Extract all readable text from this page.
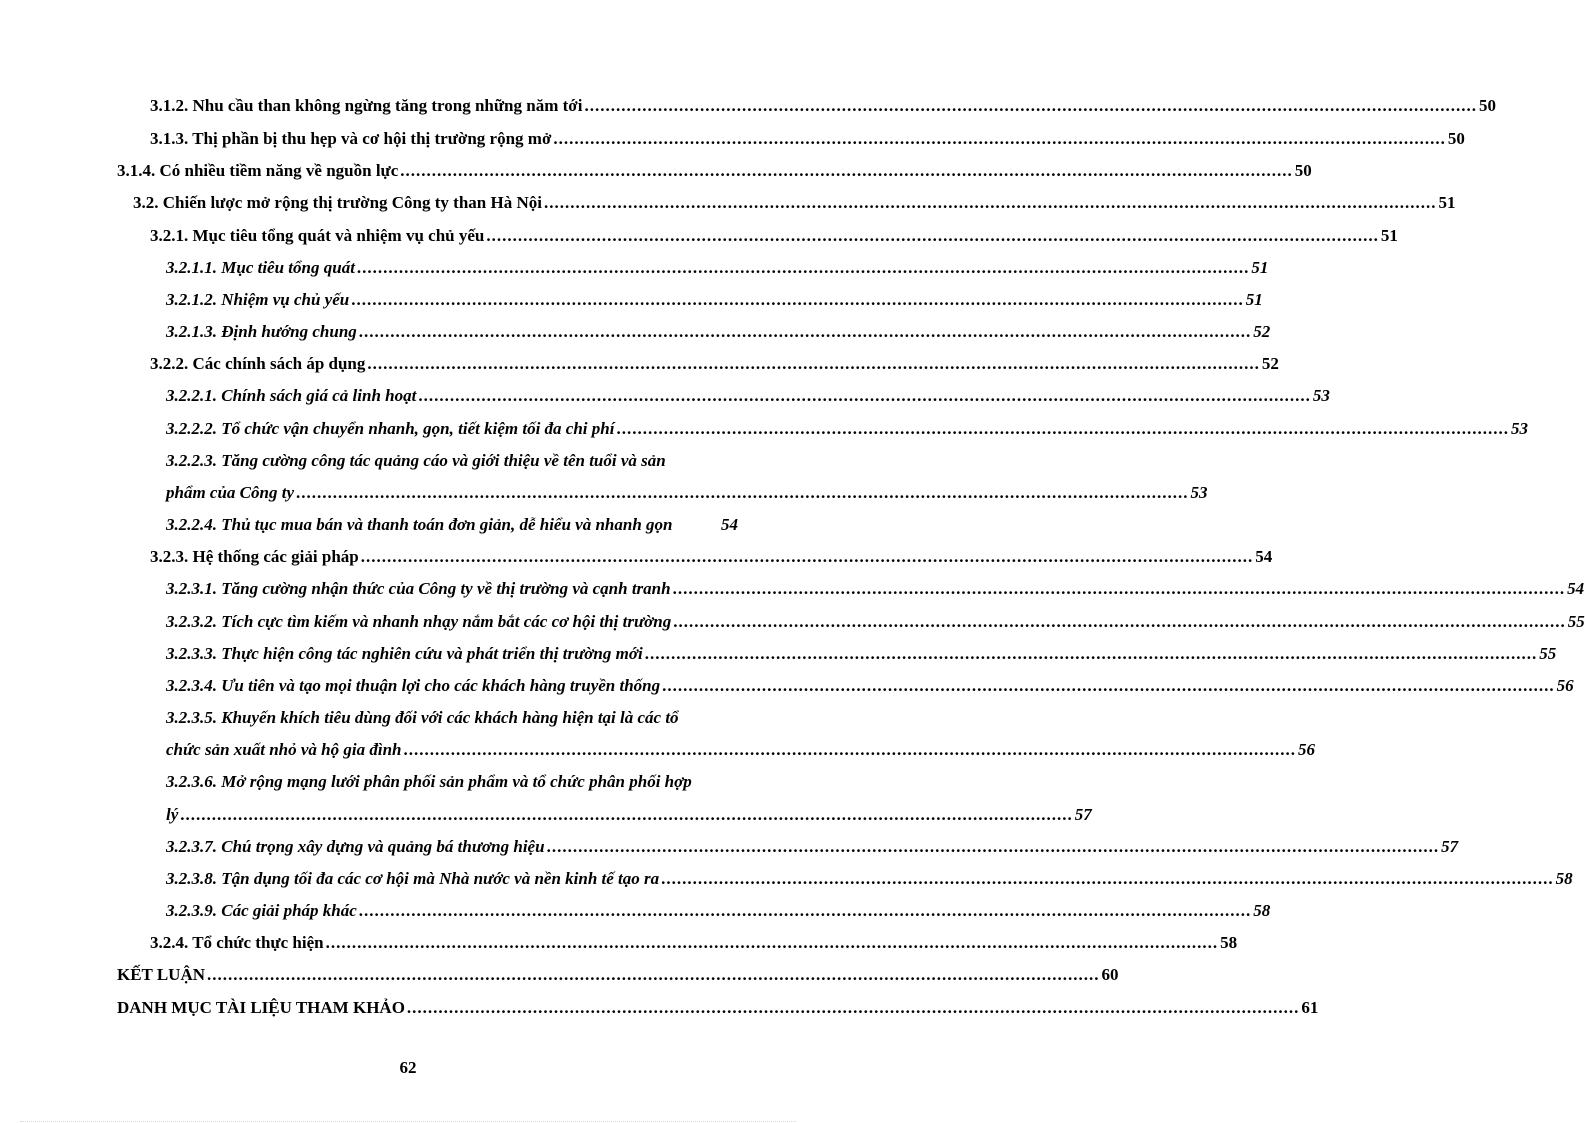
3.1.2. Nhu cầu than không ngừng tăng trong những năm tới .......................................................................................................................................................................... 50
3.1.3. Thị phần bị thu hẹp và cơ hội thị trường rộng mở .......................................................................................................................................................................... 50
3.1.4. Có nhiều tiềm năng về nguồn lực .......................................................................................................................................................................... 50
3.2. Chiến lược mở rộng thị trường Công ty than Hà Nội .......................................................................................................................................................................... 51
3.2.1. Mục tiêu tổng quát và nhiệm vụ chủ yếu .......................................................................................................................................................................... 51
3.2.1.1. Mục tiêu tổng quát .......................................................................................................................................................................... 51
3.2.1.2. Nhiệm vụ chủ yếu .......................................................................................................................................................................... 51
3.2.1.3. Định hướng chung .......................................................................................................................................................................... 52
3.2.2. Các chính sách áp dụng .......................................................................................................................................................................... 52
3.2.2.1. Chính sách giá cả linh hoạt .......................................................................................................................................................................... 53
3.2.2.2. Tổ chức vận chuyển nhanh, gọn, tiết kiệm tối đa chi phí .......................................................................................................................................................................... 53
3.2.2.3. Tăng cường công tác quảng cáo và giới thiệu về tên tuổi và sản
phẩm của Công ty .......................................................................................................................................................................... 53
3.2.2.4. Thủ tục mua bán và thanh toán đơn giản, dễ hiểu và nhanh gọn	54
3.2.3. Hệ thống các giải pháp .......................................................................................................................................................................... 54
3.2.3.1. Tăng cường nhận thức của Công ty về thị trường và cạnh tranh .......................................................................................................................................................................... 54
3.2.3.2. Tích cực tìm kiếm và nhanh nhạy nắm bắt các cơ hội thị trường .......................................................................................................................................................................... 55
3.2.3.3. Thực hiện công tác nghiên cứu và phát triển thị trường mới .......................................................................................................................................................................... 55
3.2.3.4. Ưu tiên và tạo mọi thuận lợi cho các khách hàng truyền thống .......................................................................................................................................................................... 56
3.2.3.5. Khuyến khích tiêu dùng đối với các khách hàng hiện tại là các tổ
chức sản xuất nhỏ và hộ gia đình .......................................................................................................................................................................... 56
3.2.3.6. Mở rộng mạng lưới phân phối sản phẩm và tổ chức phân phối hợp
lý .......................................................................................................................................................................... 57
3.2.3.7. Chú trọng xây dựng và quảng bá thương hiệu .......................................................................................................................................................................... 57
3.2.3.8. Tận dụng tối đa các cơ hội mà Nhà nước và nền kinh tế tạo ra .......................................................................................................................................................................... 58
3.2.3.9. Các giải pháp khác .......................................................................................................................................................................... 58
3.2.4. Tổ chức thực hiện .......................................................................................................................................................................... 58
KẾT LUẬN .......................................................................................................................................................................... 60
DANH MỤC TÀI LIỆU THAM KHẢO .......................................................................................................................................................................... 61
62
